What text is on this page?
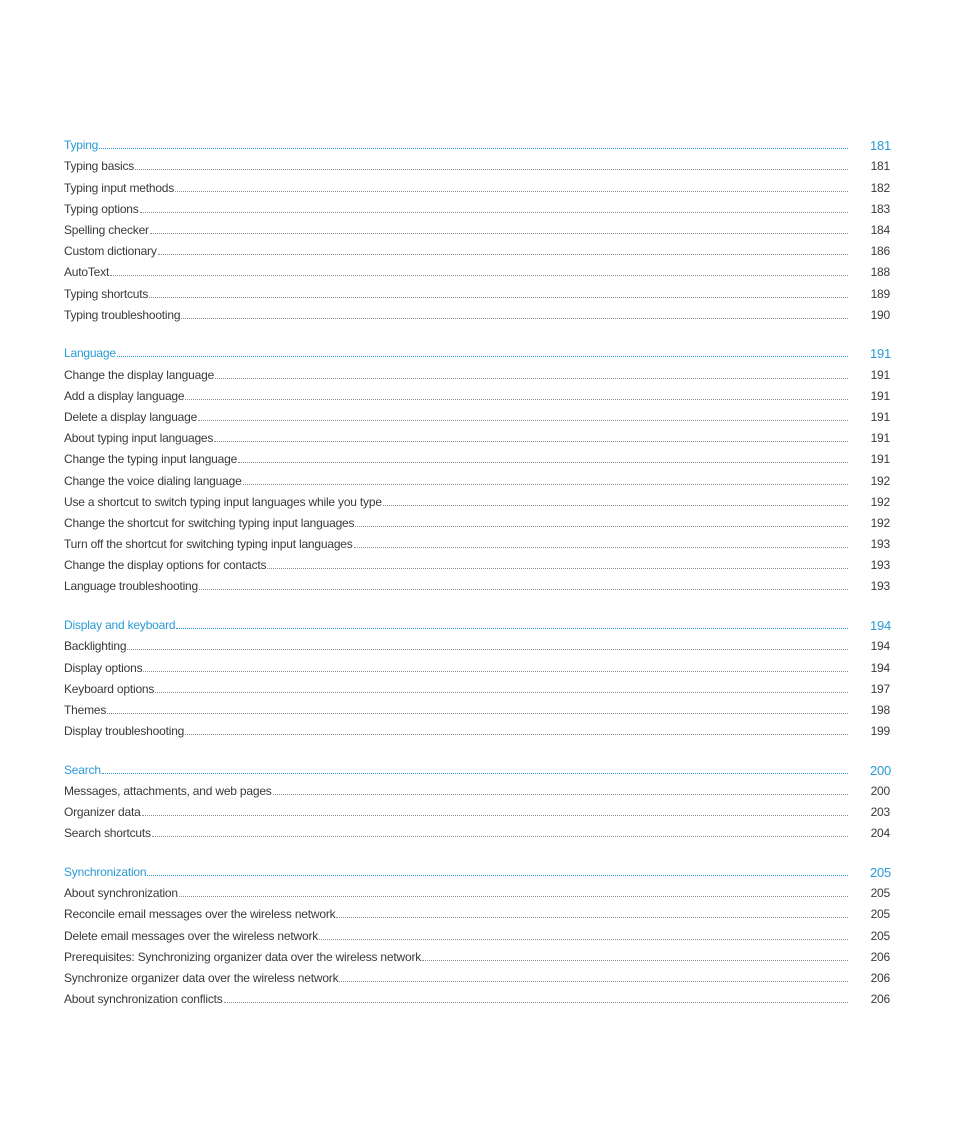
Typing	181
Typing basics	181
Typing input methods	182
Typing options	183
Spelling checker	184
Custom dictionary	186
AutoText	188
Typing shortcuts	189
Typing troubleshooting	190
Language	191
Change the display language	191
Add a display language	191
Delete a display language	191
About typing input languages	191
Change the typing input language	191
Change the voice dialing language	192
Use a shortcut to switch typing input languages while you type	192
Change the shortcut for switching typing input languages	192
Turn off the shortcut for switching typing input languages	193
Change the display options for contacts	193
Language troubleshooting	193
Display and keyboard	194
Backlighting	194
Display options	194
Keyboard options	197
Themes	198
Display troubleshooting	199
Search	200
Messages, attachments, and web pages	200
Organizer data	203
Search shortcuts	204
Synchronization	205
About synchronization	205
Reconcile email messages over the wireless network	205
Delete email messages over the wireless network	205
Prerequisites: Synchronizing organizer data over the wireless network	206
Synchronize organizer data over the wireless network	206
About synchronization conflicts	206
